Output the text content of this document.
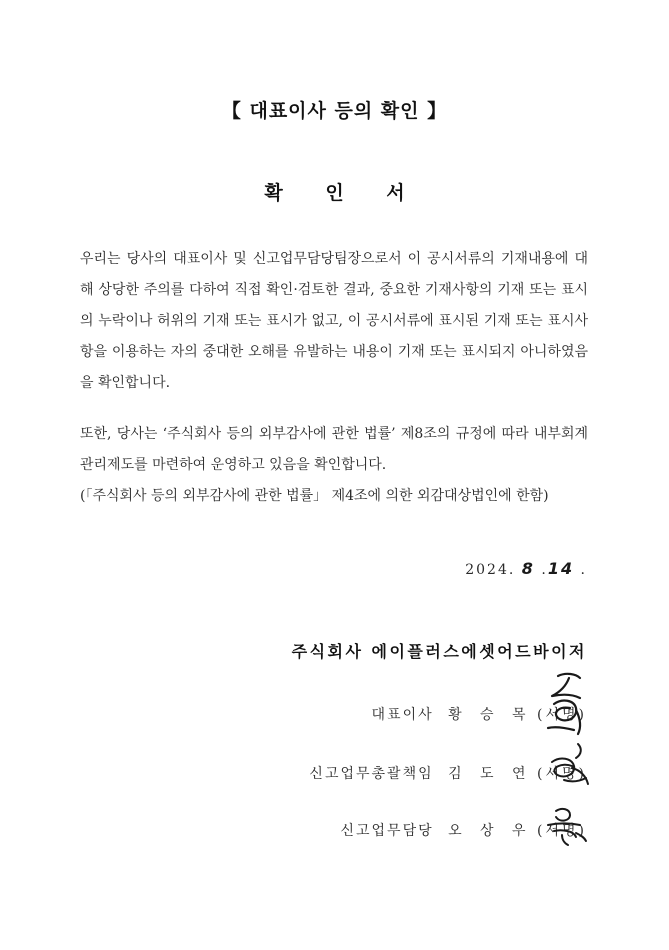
【 대표이사 등의 확인 】
확 인 서

우리는 당사의 대표이사 및 신고업무담당팀장으로서 이 공시서류의 기재내용에 대해 상당한 주의를 다하여 직접 확인·검토한 결과, 중요한 기재사항의 기재 또는 표시의 누락이나 허위의 기재 또는 표시가 없고, 이 공시서류에 표시된 기재 또는 표시사항을 이용하는 자의 중대한 오해를 유발하는 내용이 기재 또는 표시되지 아니하였음을 확인합니다.

또한, 당사는 ‘주식회사 등의 외부감사에 관한 법률’ 제8조의 규정에 따라 내부회계관리제도를 마련하여 운영하고 있음을 확인합니다.

(「주식회사 등의 외부감사에 관한 법률」 제4조에 의한 외감대상법인에 한함)

2024. 8 .14 .
주식회사 에이플러스에셋어드바이저
대표이사 황 승 목 (서명)
신고업무총괄책임 김 도 연 (서명)
신고업무담당 오 상 우 (서명)
